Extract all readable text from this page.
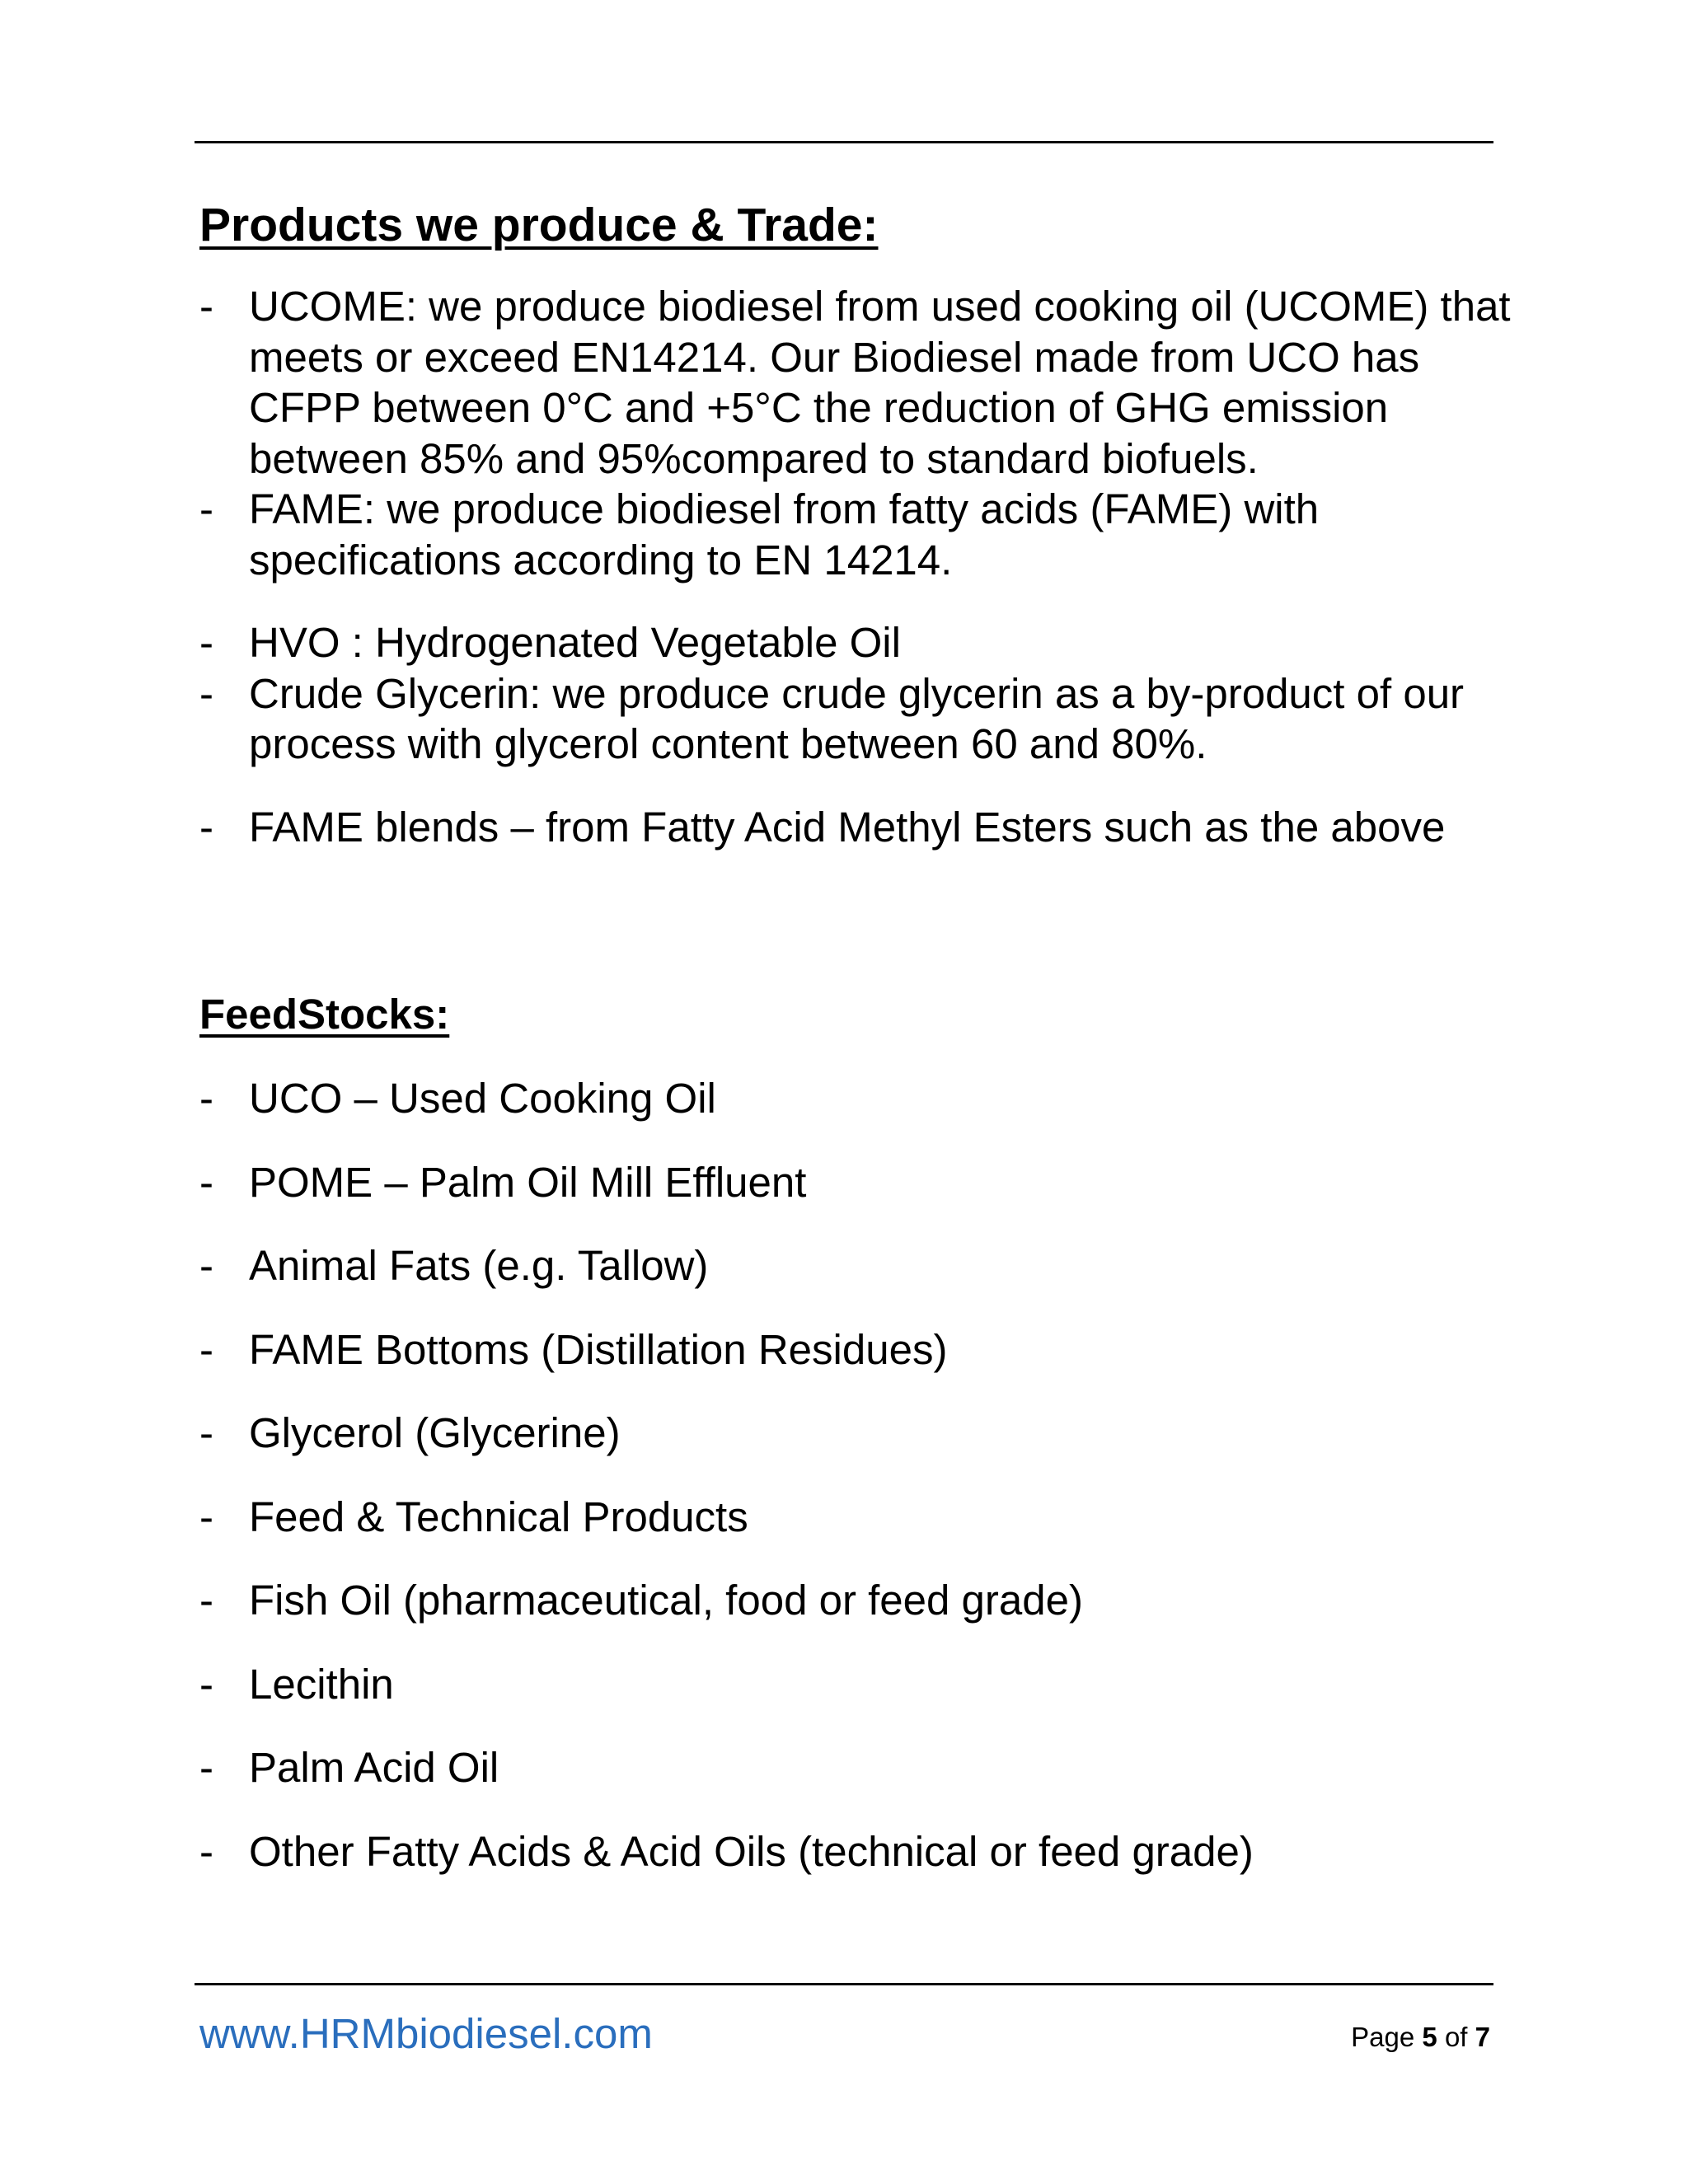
Products we produce & Trade:
- UCOME: we produce biodiesel from used cooking oil (UCOME) that meets or exceed EN14214. Our Biodiesel made from UCO has CFPP between 0°C and +5°C the reduction of GHG emission between 85% and 95%compared to standard biofuels.
- FAME: we produce biodiesel from fatty acids (FAME) with specifications according to EN 14214.
- HVO : Hydrogenated Vegetable Oil
- Crude Glycerin: we produce crude glycerin as a by-product of our process with glycerol content between 60 and 80%.
- FAME blends – from Fatty Acid Methyl Esters such as the above
FeedStocks:
- UCO – Used Cooking Oil
- POME – Palm Oil Mill Effluent
- Animal Fats (e.g. Tallow)
- FAME Bottoms (Distillation Residues)
- Glycerol (Glycerine)
- Feed & Technical Products
- Fish Oil (pharmaceutical, food or feed grade)
- Lecithin
- Palm Acid Oil
- Other Fatty Acids & Acid Oils (technical or feed grade)
www.HRMbiodiesel.com	Page 5 of 7
